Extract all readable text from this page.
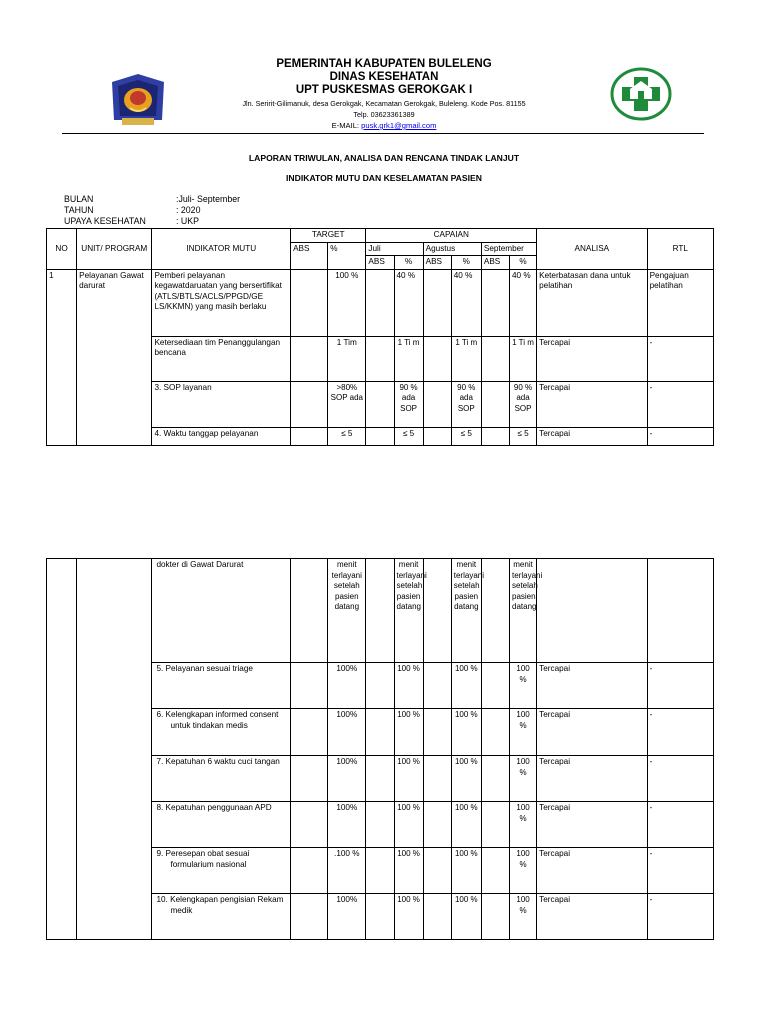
PEMERINTAH KABUPATEN BULELENG
DINAS KESEHATAN
UPT PUSKESMAS GEROKGAK I
Jln. Seririt-Gilimanuk, desa Gerokgak, Kecamatan Gerokgak, Buleleng. Kode Pos. 81155
Telp. 03623361389
E-MAIL: pusk.grk1@gmail.com
LAPORAN TRIWULAN, ANALISA DAN RENCANA TINDAK LANJUT
INDIKATOR MUTU DAN KESELAMATAN PASIEN
BULAN	:Juli- September
TAHUN	: 2020
UPAYA KESEHATAN	: UKP
NO	UNIT/ PROGRAM	INDIKATOR MUTU	TARGET		CAPAIAN						ANALISA	RTL
			ABS	%	Juli		Agustus		September			
					ABS	%	ABS	%	ABS	%		
1	Pelayanan Gawat darurat	Pemberi pelayanan kegawatdaruatan yang bersertifikat (ATLS/BTLS/ACLS/PPGD/GE LS/KKMN) yang masih berlaku		100 %		40 %		40 %		40 %	Keterbatasan dana untuk pelatihan	Pengajuan pelatihan
		Ketersediaan tim Penanggulangan bencana		1 Tim		1 Ti m		1 Ti m		1 Ti m	Tercapai	-
		3. SOP layanan		>80% SOP ada		90 % ada SOP		90 % ada SOP		90 % ada SOP	Tercapai	-
		4. Waktu tanggap pelayanan		≤ 5		≤ 5		≤ 5		≤ 5	Tercapai	-
		dokter di Gawat Darurat		menit terlayani setelah pasien datang		menit terlayani setelah pasien datang		menit terlayani setelah pasien datang		menit terlayani setelah pasien datang		
		5. Pelayanan sesuai triage		100%		100 %		100 %		100 %	Tercapai	-
		6. Kelengkapan informed consent untuk tindakan medis		100%		100 %		100 %		100 %	Tercapai	-
		7. Kepatuhan 6 waktu cuci tangan		100%		100 %		100 %		100 %	Tercapai	-
		8. Kepatuhan penggunaan APD		100%		100 %		100 %		100 %	Tercapai	-
		9. Peresepan obat sesuai formularium nasional		.100 %		100 %		100 %		100 %	Tercapai	-
		10. Kelengkapan pengisian Rekam medik		100%		100 %		100 %		100 %	Tercapai	-
